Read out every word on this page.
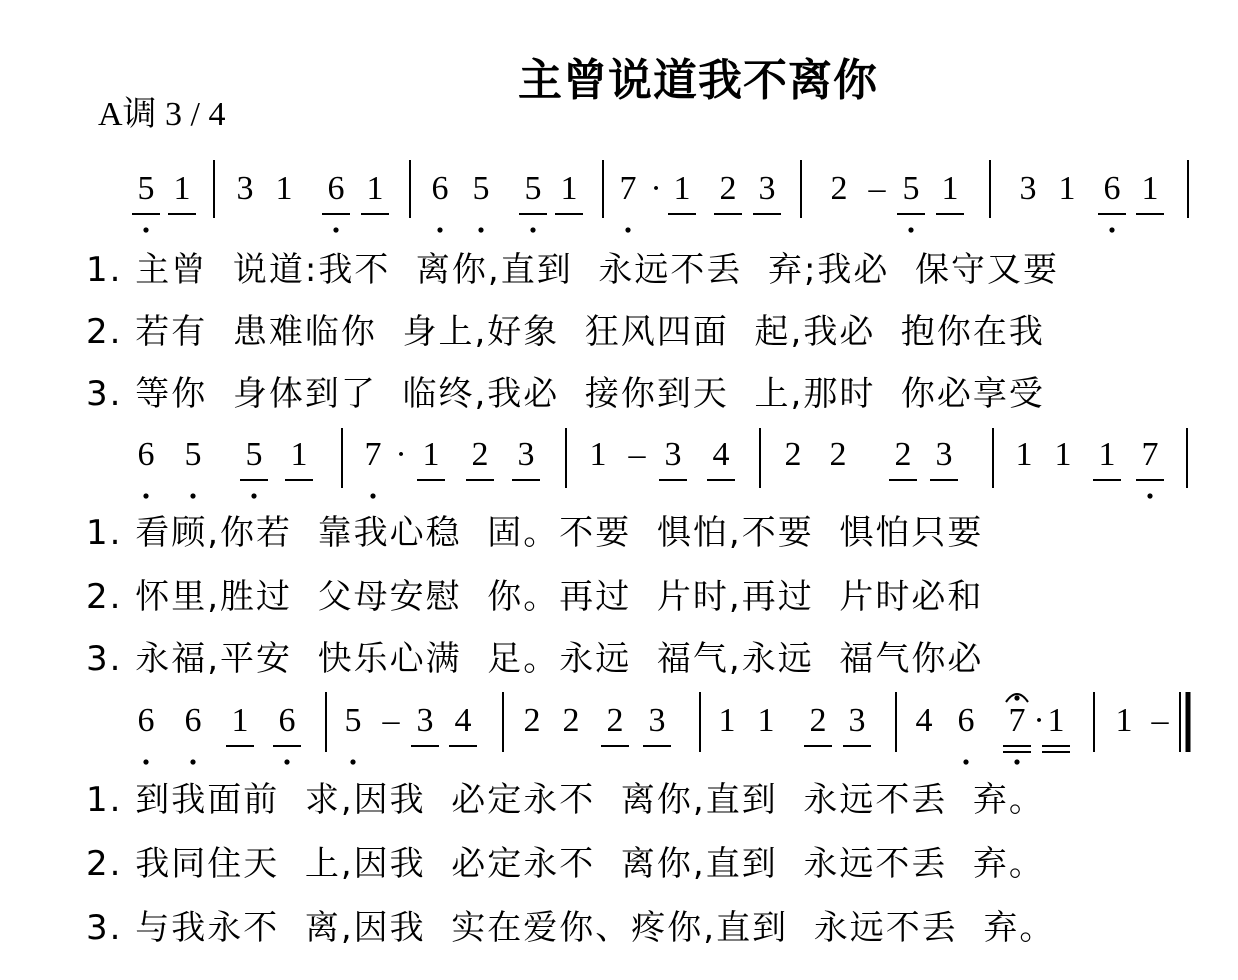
主曾说道我不离你
A调 3 / 4
5 1 3 1 6 1 6 5 5 1 7 · 1 2 3 2 – 5 1 3 1 6 1
1. 主曾  说道:我不  离你,直到  永远不丢  弃;我必  保守又要
2. 若有  患难临你  身上,好象  狂风四面  起,我必  抱你在我
3. 等你  身体到了  临终,我必  接你到天  上,那时  你必享受
6 5 5 1 7 · 1 2 3 1 – 3 4 2 2 2 3 1 1 1 7
1. 看顾,你若  靠我心稳  固。不要  惧怕,不要  惧怕只要
2. 怀里,胜过  父母安慰  你。再过  片时,再过  片时必和
3. 永福,平安  快乐心满  足。永远  福气,永远  福气你必
6 6 1 6 5 – 3 4 2 2 2 3 1 1 2 3 4 6 7 · 1 1 –
1. 到我面前  求,因我  必定永不  离你,直到  永远不丢  弃。
2. 我同住天  上,因我  必定永不  离你,直到  永远不丢  弃。
3. 与我永不  离,因我  实在爱你、疼你,直到  永远不丢  弃。
